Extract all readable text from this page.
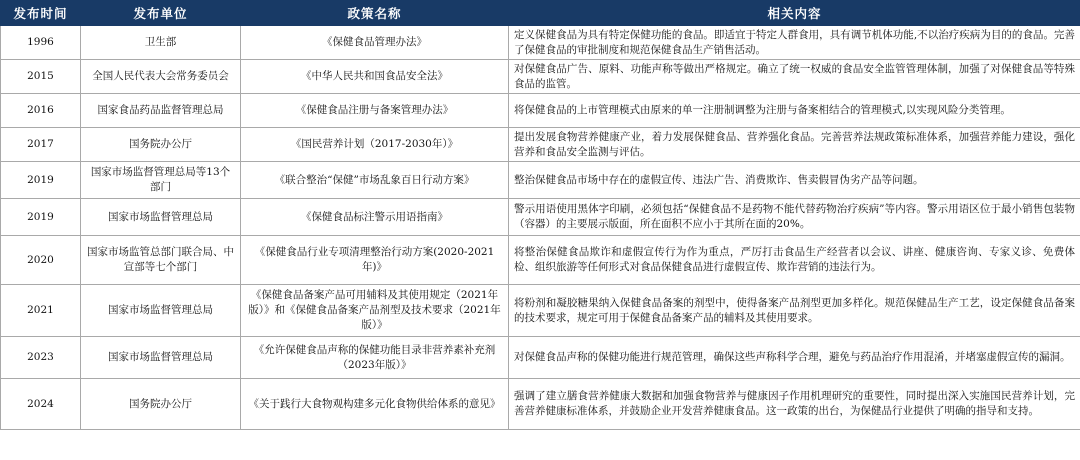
发布时间	发布单位	政策名称	相关内容
1996	卫生部	《保健食品管理办法》	定义保健食品为具有特定保健功能的食品。即适宜于特定人群食用，具有调节机体功能,不以治疗疾病为目的的食品。完善了保健食品的审批制度和规范保健食品生产销售活动。
2015	全国人民代表大会常务委员会	《中华人民共和国食品安全法》	对保健食品广告、原料、功能声称等做出严格规定。确立了统一权威的食品安全监管管理体制，加强了对保健食品等特殊食品的监管。
2016	国家食品药品监督管理总局	《保健食品注册与备案管理办法》	将保健食品的上市管理模式由原来的单一注册制调整为注册与备案相结合的管理模式,以实现风险分类管理。
2017	国务院办公厅	《国民营养计划（2017-2030年）》	提出发展食物营养健康产业，着力发展保健食品、营养强化食品。完善营养法规政策标准体系，加强营养能力建设，强化营养和食品安全监测与评估。
2019	国家市场监督管理总局等13个部门	《联合整治“保健”市场乱象百日行动方案》	整治保健食品市场中存在的虚假宣传、违法广告、消费欺诈、售卖假冒伪劣产品等问题。
2019	国家市场监督管理总局	《保健食品标注警示用语指南》	警示用语使用黑体字印刷，必须包括“保健食品不是药物不能代替药物治疗疾病”等内容。警示用语区位于最小销售包装物（容器）的主要展示版面，所在面积不应小于其所在面的20%。
2020	国家市场监管总部门联合局、中宣部等七个部门	《保健食品行业专项清理整治行动方案(2020-2021年)》	将整治保健食品欺诈和虚假宣传行为作为重点，严厉打击食品生产经营者以会议、讲座、健康咨询、专家义诊、免费体检、组织旅游等任何形式对食品保健食品进行虚假宣传、欺诈营销的违法行为。
2021	国家市场监督管理总局	《保健食品备案产品可用辅料及其使用规定（2021年版）》和《保健食品备案产品剂型及技术要求（2021年版）》	将粉剂和凝胶糖果纳入保健食品备案的剂型中，使得备案产品剂型更加多样化。规范保健品生产工艺，设定保健食品备案的技术要求，规定可用于保健食品备案产品的辅料及其使用要求。
2023	国家市场监督管理总局	《允许保健食品声称的保健功能目录非营养素补充剂（2023年版）》	对保健食品声称的保健功能进行规范管理，确保这些声称科学合理，避免与药品治疗作用混淆，并堵塞虚假宣传的漏洞。
2024	国务院办公厅	《关于践行大食物观构建多元化食物供给体系的意见》	强调了建立膳食营养健康大数据和加强食物营养与健康因子作用机理研究的重要性，同时提出深入实施国民营养计划，完善营养健康标准体系，并鼓励企业开发营养健康食品。这一政策的出台，为保健品行业提供了明确的指导和支持。
